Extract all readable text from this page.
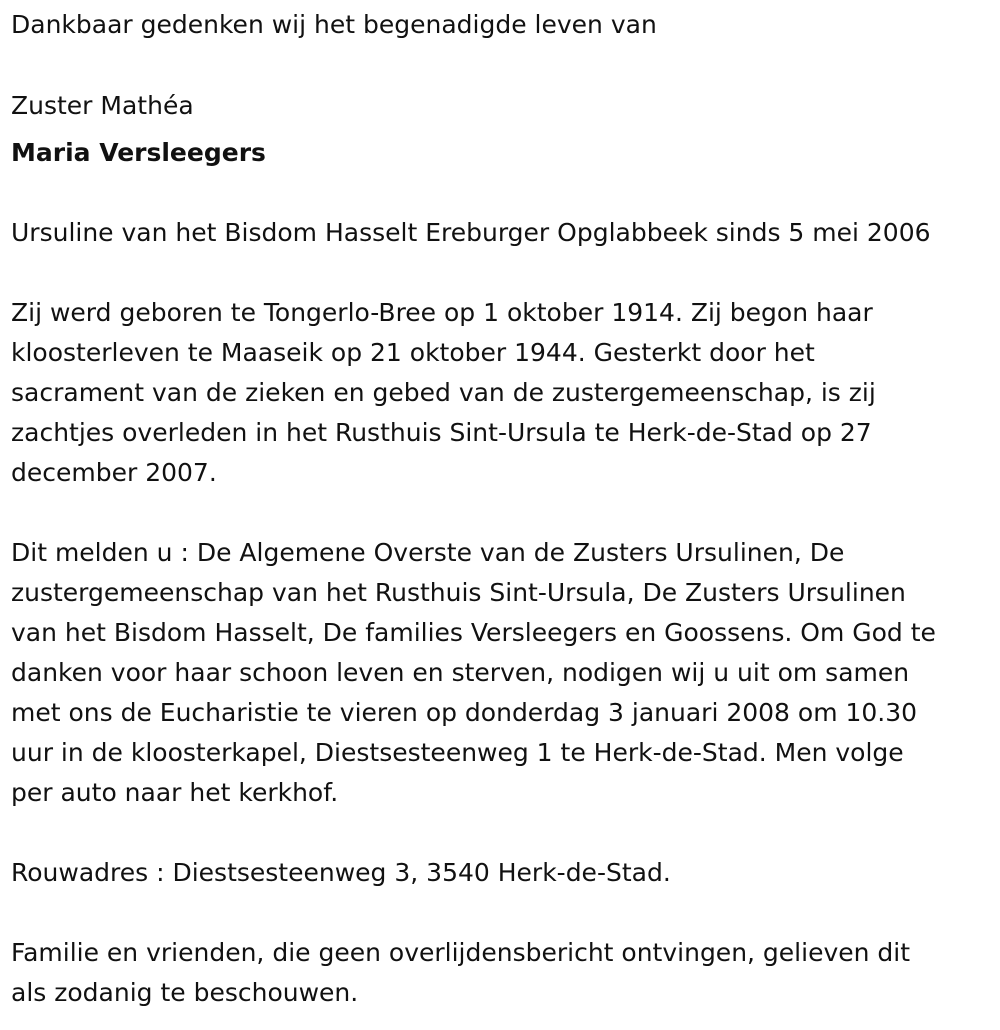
Dankbaar gedenken wij het begenadigde leven van
Zuster Mathéa
Maria Versleegers
Ursuline van het Bisdom Hasselt Ereburger Opglabbeek sinds 5 mei 2006
Zij werd geboren te Tongerlo-Bree op 1 oktober 1914. Zij begon haar
kloosterleven te Maaseik op 21 oktober 1944. Gesterkt door het
sacrament van de zieken en gebed van de zustergemeenschap, is zij
zachtjes overleden in het Rusthuis Sint-Ursula te Herk-de-Stad op 27
december 2007.
Dit melden u : De Algemene Overste van de Zusters Ursulinen, De
zustergemeenschap van het Rusthuis Sint-Ursula, De Zusters Ursulinen
van het Bisdom Hasselt, De families Versleegers en Goossens. Om God te
danken voor haar schoon leven en sterven, nodigen wij u uit om samen
met ons de Eucharistie te vieren op donderdag 3 januari 2008 om 10.30
uur in de kloosterkapel, Diestsesteenweg 1 te Herk-de-Stad. Men volge
per auto naar het kerkhof.
Rouwadres : Diestsesteenweg 3, 3540 Herk-de-Stad.
Familie en vrienden, die geen overlijdensbericht ontvingen, gelieven dit
als zodanig te beschouwen.
